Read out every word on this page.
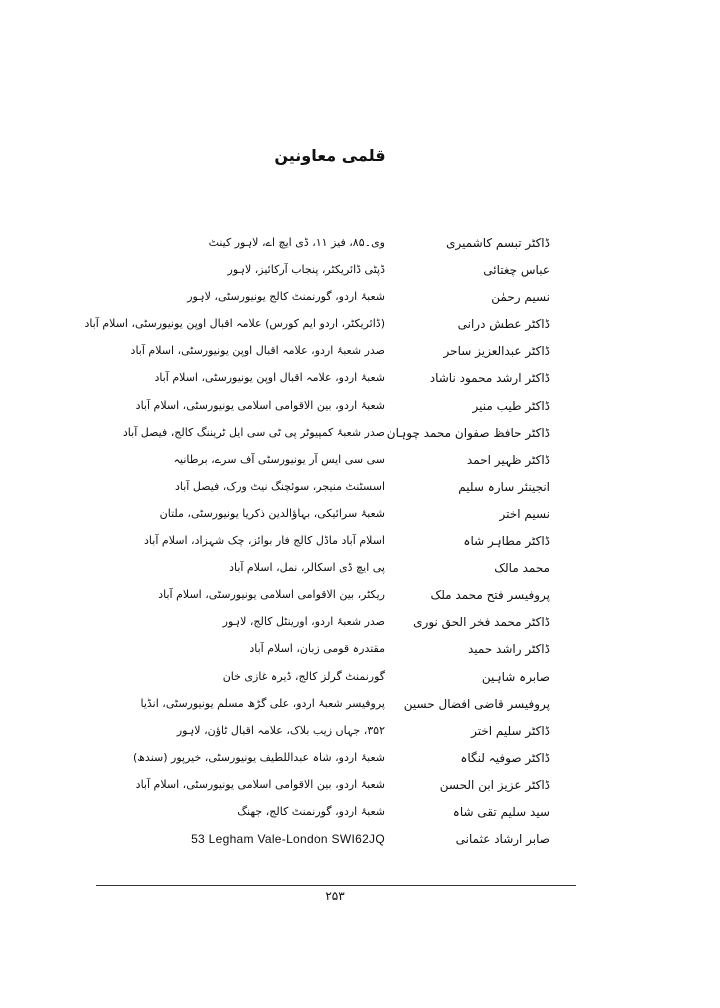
قلمی معاونین
ڈاکٹر تبسم کاشمیری
وی۔۸۵، فیز ۱۱، ڈی ایچ اے، لاہور کینٹ
عباس چغتائی
ڈپٹی ڈائریکٹر، پنجاب آرکائیز، لاہور
نسیم رحمٰن
شعبۂ اردو، گورنمنٹ کالج یونیورسٹی، لاہور
ڈاکٹر عطش درانی
(ڈائریکٹر، اردو ایم کورس) علامہ اقبال اوپن یونیورسٹی، اسلام آباد
ڈاکٹر عبدالعزیز ساحر
صدر شعبۂ اردو، علامہ اقبال اوپن یونیورسٹی، اسلام آباد
ڈاکٹر ارشد محمود ناشاد
شعبۂ اردو، علامہ اقبال اوپن یونیورسٹی، اسلام آباد
ڈاکٹر طیب منیر
شعبۂ اردو، بین الاقوامی اسلامی یونیورسٹی، اسلام آباد
ڈاکٹر حافظ صفوان محمد چوہان
صدر شعبۂ کمپیوٹر پی ٹی سی ایل ٹریننگ کالج، فیصل آباد
ڈاکٹر ظہیر احمد
سی سی ایس آر یونیورسٹی آف سرے، برطانیہ
انجینئر سارہ سلیم
اسسٹنٹ منیجر، سوئچنگ نیٹ ورک، فیصل آباد
نسیم اختر
شعبۂ سرائیکی، بہاؤالدین ذکریا یونیورسٹی، ملتان
ڈاکٹر مطاہر شاہ
اسلام آباد ماڈل کالج فار بوائز، چک شہزاد، اسلام آباد
محمد مالک
پی ایچ ڈی اسکالر، نمل، اسلام آباد
پروفیسر فتح محمد ملک
ریکٹر، بین الاقوامی اسلامی یونیورسٹی، اسلام آباد
ڈاکٹر محمد فخر الحق نوری
صدر شعبۂ اردو، اورینٹل کالج، لاہور
ڈاکٹر راشد حمید
مقتدرہ قومی زبان، اسلام آباد
صابرہ شاہین
گورنمنٹ گرلز کالج، ڈیرہ غازی خان
پروفیسر قاضی افضال حسین
پروفیسر شعبۂ اردو، علی گڑھ مسلم یونیورسٹی، انڈیا
ڈاکٹر سلیم اختر
۳۵۲، جہاں زیب بلاک، علامہ اقبال ٹاؤن، لاہور
ڈاکٹر صوفیہ لنگاہ
شعبۂ اردو، شاہ عبداللطیف یونیورسٹی، خیرپور (سندھ)
ڈاکٹر عزیز ابن الحسن
شعبۂ اردو، بین الاقوامی اسلامی یونیورسٹی، اسلام آباد
سید سلیم تقی شاہ
شعبۂ اردو، گورنمنٹ کالج، جھنگ
صابر ارشاد عثمانی
53 Legham Vale-London SWI62JQ
۲۵۳
